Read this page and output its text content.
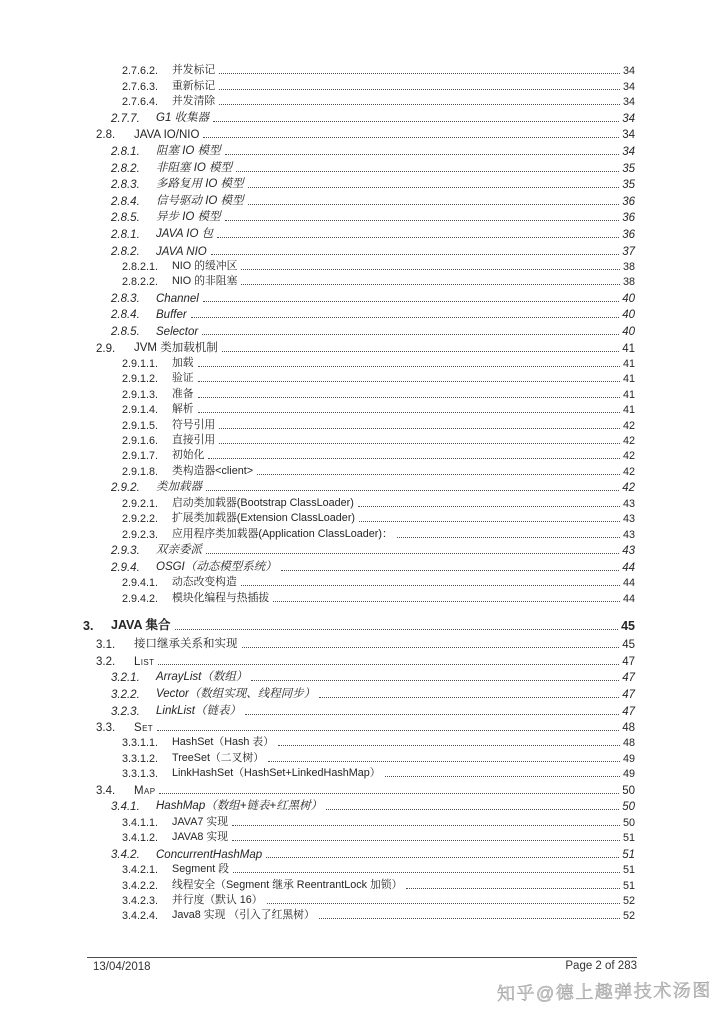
2.7.6.2.	并发标记	34
2.7.6.3.	重新标记	34
2.7.6.4.	并发清除	34
2.7.7.	G1 收集器	34
2.8.	JAVA IO/NIO	34
2.8.1.	阻塞 IO 模型	34
2.8.2.	非阻塞 IO 模型	35
2.8.3.	多路复用 IO 模型	35
2.8.4.	信号驱动 IO 模型	36
2.8.5.	异步 IO 模型	36
2.8.1.	JAVA IO 包	36
2.8.2.	JAVA NIO	37
2.8.2.1.	NIO 的缓冲区	38
2.8.2.2.	NIO 的非阻塞	38
2.8.3.	Channel	40
2.8.4.	Buffer	40
2.8.5.	Selector	40
2.9.	JVM 类加载机制	41
2.9.1.1.	加载	41
2.9.1.2.	验证	41
2.9.1.3.	准备	41
2.9.1.4.	解析	41
2.9.1.5.	符号引用	42
2.9.1.6.	直接引用	42
2.9.1.7.	初始化	42
2.9.1.8.	类构造器<client>	42
2.9.2.	类加载器	42
2.9.2.1.	启动类加载器(Bootstrap ClassLoader)	43
2.9.2.2.	扩展类加载器(Extension ClassLoader)	43
2.9.2.3.	应用程序类加载器(Application ClassLoader)：	43
2.9.3.	双亲委派	43
2.9.4.	OSGI（动态模型系统）	44
2.9.4.1.	动态改变构造	44
2.9.4.2.	模块化编程与热插拔	44
3.	JAVA 集合	45
3.1.	接口继承关系和实现	45
3.2.	List	47
3.2.1.	ArrayList（数组）	47
3.2.2.	Vector（数组实现、线程同步）	47
3.2.3.	LinkList（链表）	47
3.3.	Set	48
3.3.1.1.	HashSet（Hash 表）	48
3.3.1.2.	TreeSet（二叉树）	49
3.3.1.3.	LinkHashSet（HashSet+LinkedHashMap）	49
3.4.	Map	50
3.4.1.	HashMap（数组+链表+红黑树）	50
3.4.1.1.	JAVA7 实现	50
3.4.1.2.	JAVA8 实现	51
3.4.2.	ConcurrentHashMap	51
3.4.2.1.	Segment 段	51
3.4.2.2.	线程安全（Segment 继承 ReentrantLock 加锁）	51
3.4.2.3.	并行度（默认 16）	52
3.4.2.4.	Java8 实现 （引入了红黑树）	52
13/04/2018	Page 2 of 283
知乎@德上趣弹技术汤图
